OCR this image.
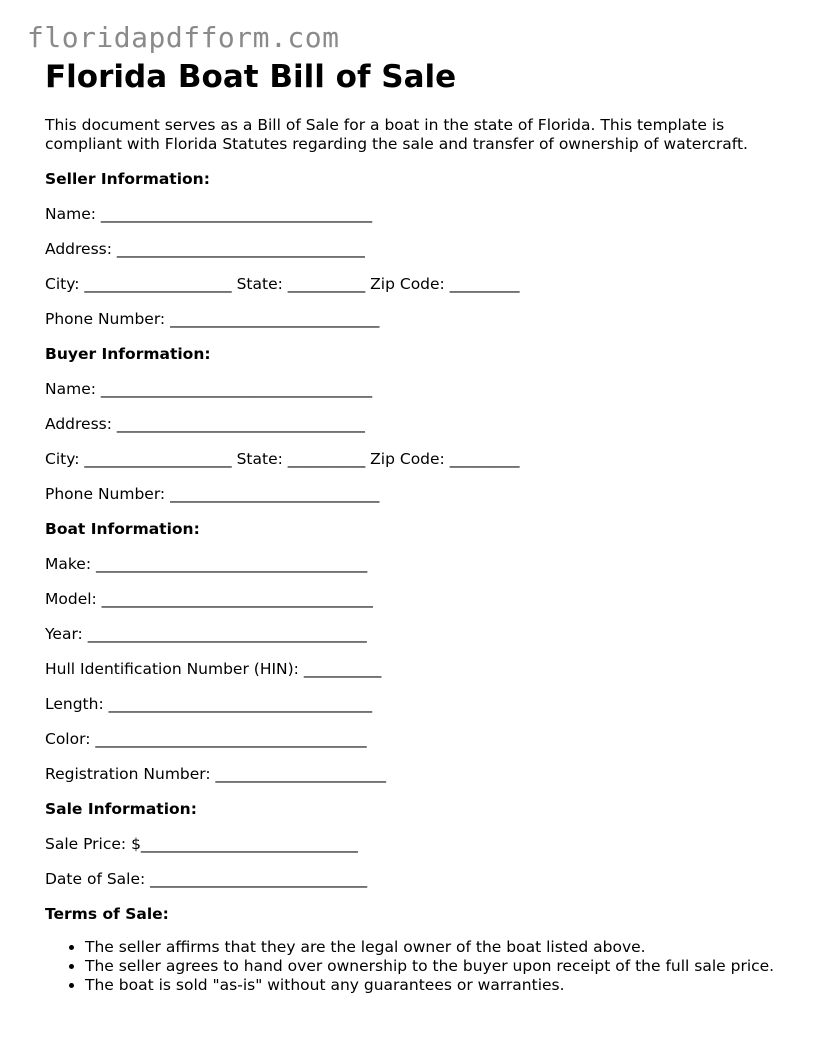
floridapdfform.com
Florida Boat Bill of Sale

This document serves as a Bill of Sale for a boat in the state of Florida. This template is compliant with Florida Statutes regarding the sale and transfer of ownership of watercraft.

Seller Information:
Name: ___________________________________
Address: ________________________________
City: ___________________ State: __________ Zip Code: _________
Phone Number: ___________________________
Buyer Information:
Name: ___________________________________
Address: ________________________________
City: ___________________ State: __________ Zip Code: _________
Phone Number: ___________________________
Boat Information:
Make: ___________________________________
Model: ___________________________________
Year: ____________________________________
Hull Identification Number (HIN): __________
Length: __________________________________
Color: ___________________________________
Registration Number: ______________________
Sale Information:
Sale Price: $____________________________
Date of Sale: ____________________________
Terms of Sale:
• The seller affirms that they are the legal owner of the boat listed above.
• The seller agrees to hand over ownership to the buyer upon receipt of the full sale price.
• The boat is sold "as-is" without any guarantees or warranties.
